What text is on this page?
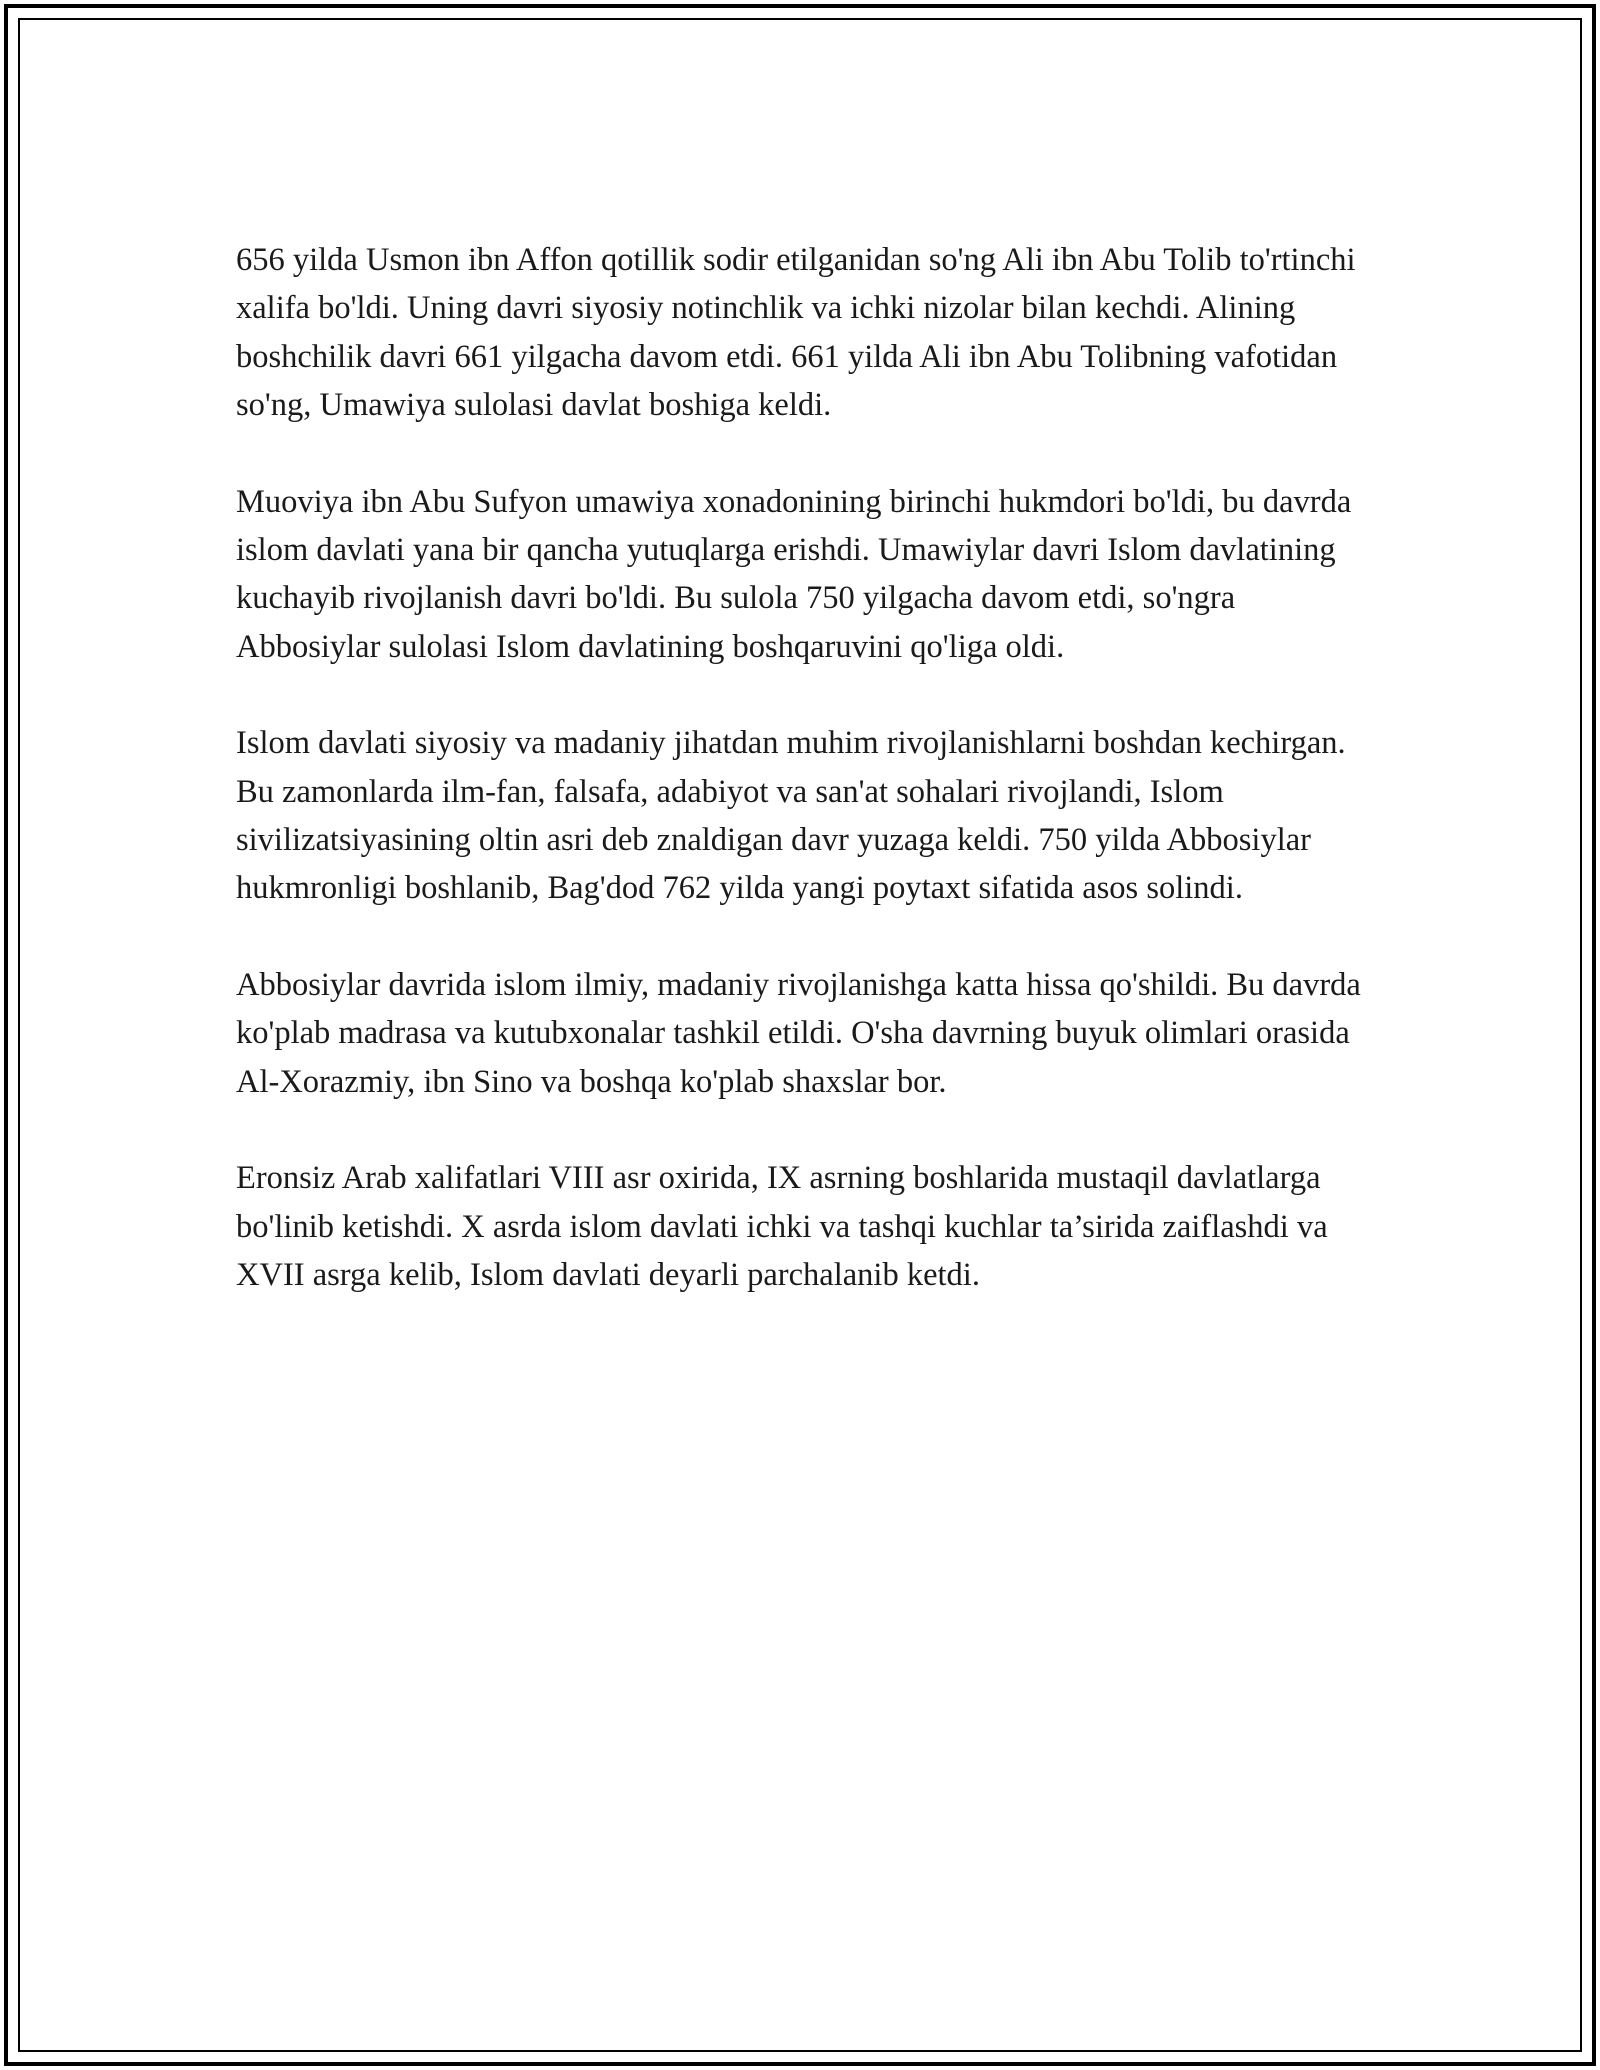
656 yilda Usmon ibn Affon qotillik sodir etilganidan so'ng Ali ibn Abu Tolib to'rtinchi xalifa bo'ldi. Uning davri siyosiy notinchlik va ichki nizolar bilan kechdi. Alining boshchilik davri 661 yilgacha davom etdi. 661 yilda Ali ibn Abu Tolibning vafotidan so'ng, Umawiya sulolasi davlat boshiga keldi.

Muoviya ibn Abu Sufyon umawiya xonadonining birinchi hukmdori bo'ldi, bu davrda islom davlati yana bir qancha yutuqlarga erishdi. Umawiylar davri Islom davlatining kuchayib rivojlanish davri bo'ldi. Bu sulola 750 yilgacha davom etdi, so'ngra Abbosiylar sulolasi Islom davlatining boshqaruvini qo'liga oldi.

Islom davlati siyosiy va madaniy jihatdan muhim rivojlanishlarni boshdan kechirgan. Bu zamonlarda ilm-fan, falsafa, adabiyot va san'at sohalari rivojlandi, Islom sivilizatsiyasining oltin asri deb znaldigan davr yuzaga keldi. 750 yilda Abbosiylar hukmronligi boshlanib, Bag'dod 762 yilda yangi poytaxt sifatida asos solindi.

Abbosiylar davrida islom ilmiy, madaniy rivojlanishga katta hissa qo'shildi. Bu davrda ko'plab madrasa va kutubxonalar tashkil etildi. O'sha davrning buyuk olimlari orasida Al-Xorazmiy, ibn Sino va boshqa ko'plab shaxslar bor.

Eronsiz Arab xalifatlari VIII asr oxirida, IX asrning boshlarida mustaqil davlatlarga bo'linib ketishdi. X asrda islom davlati ichki va tashqi kuchlar ta’sirida zaiflashdi va XVII asrga kelib, Islom davlati deyarli parchalanib ketdi.
